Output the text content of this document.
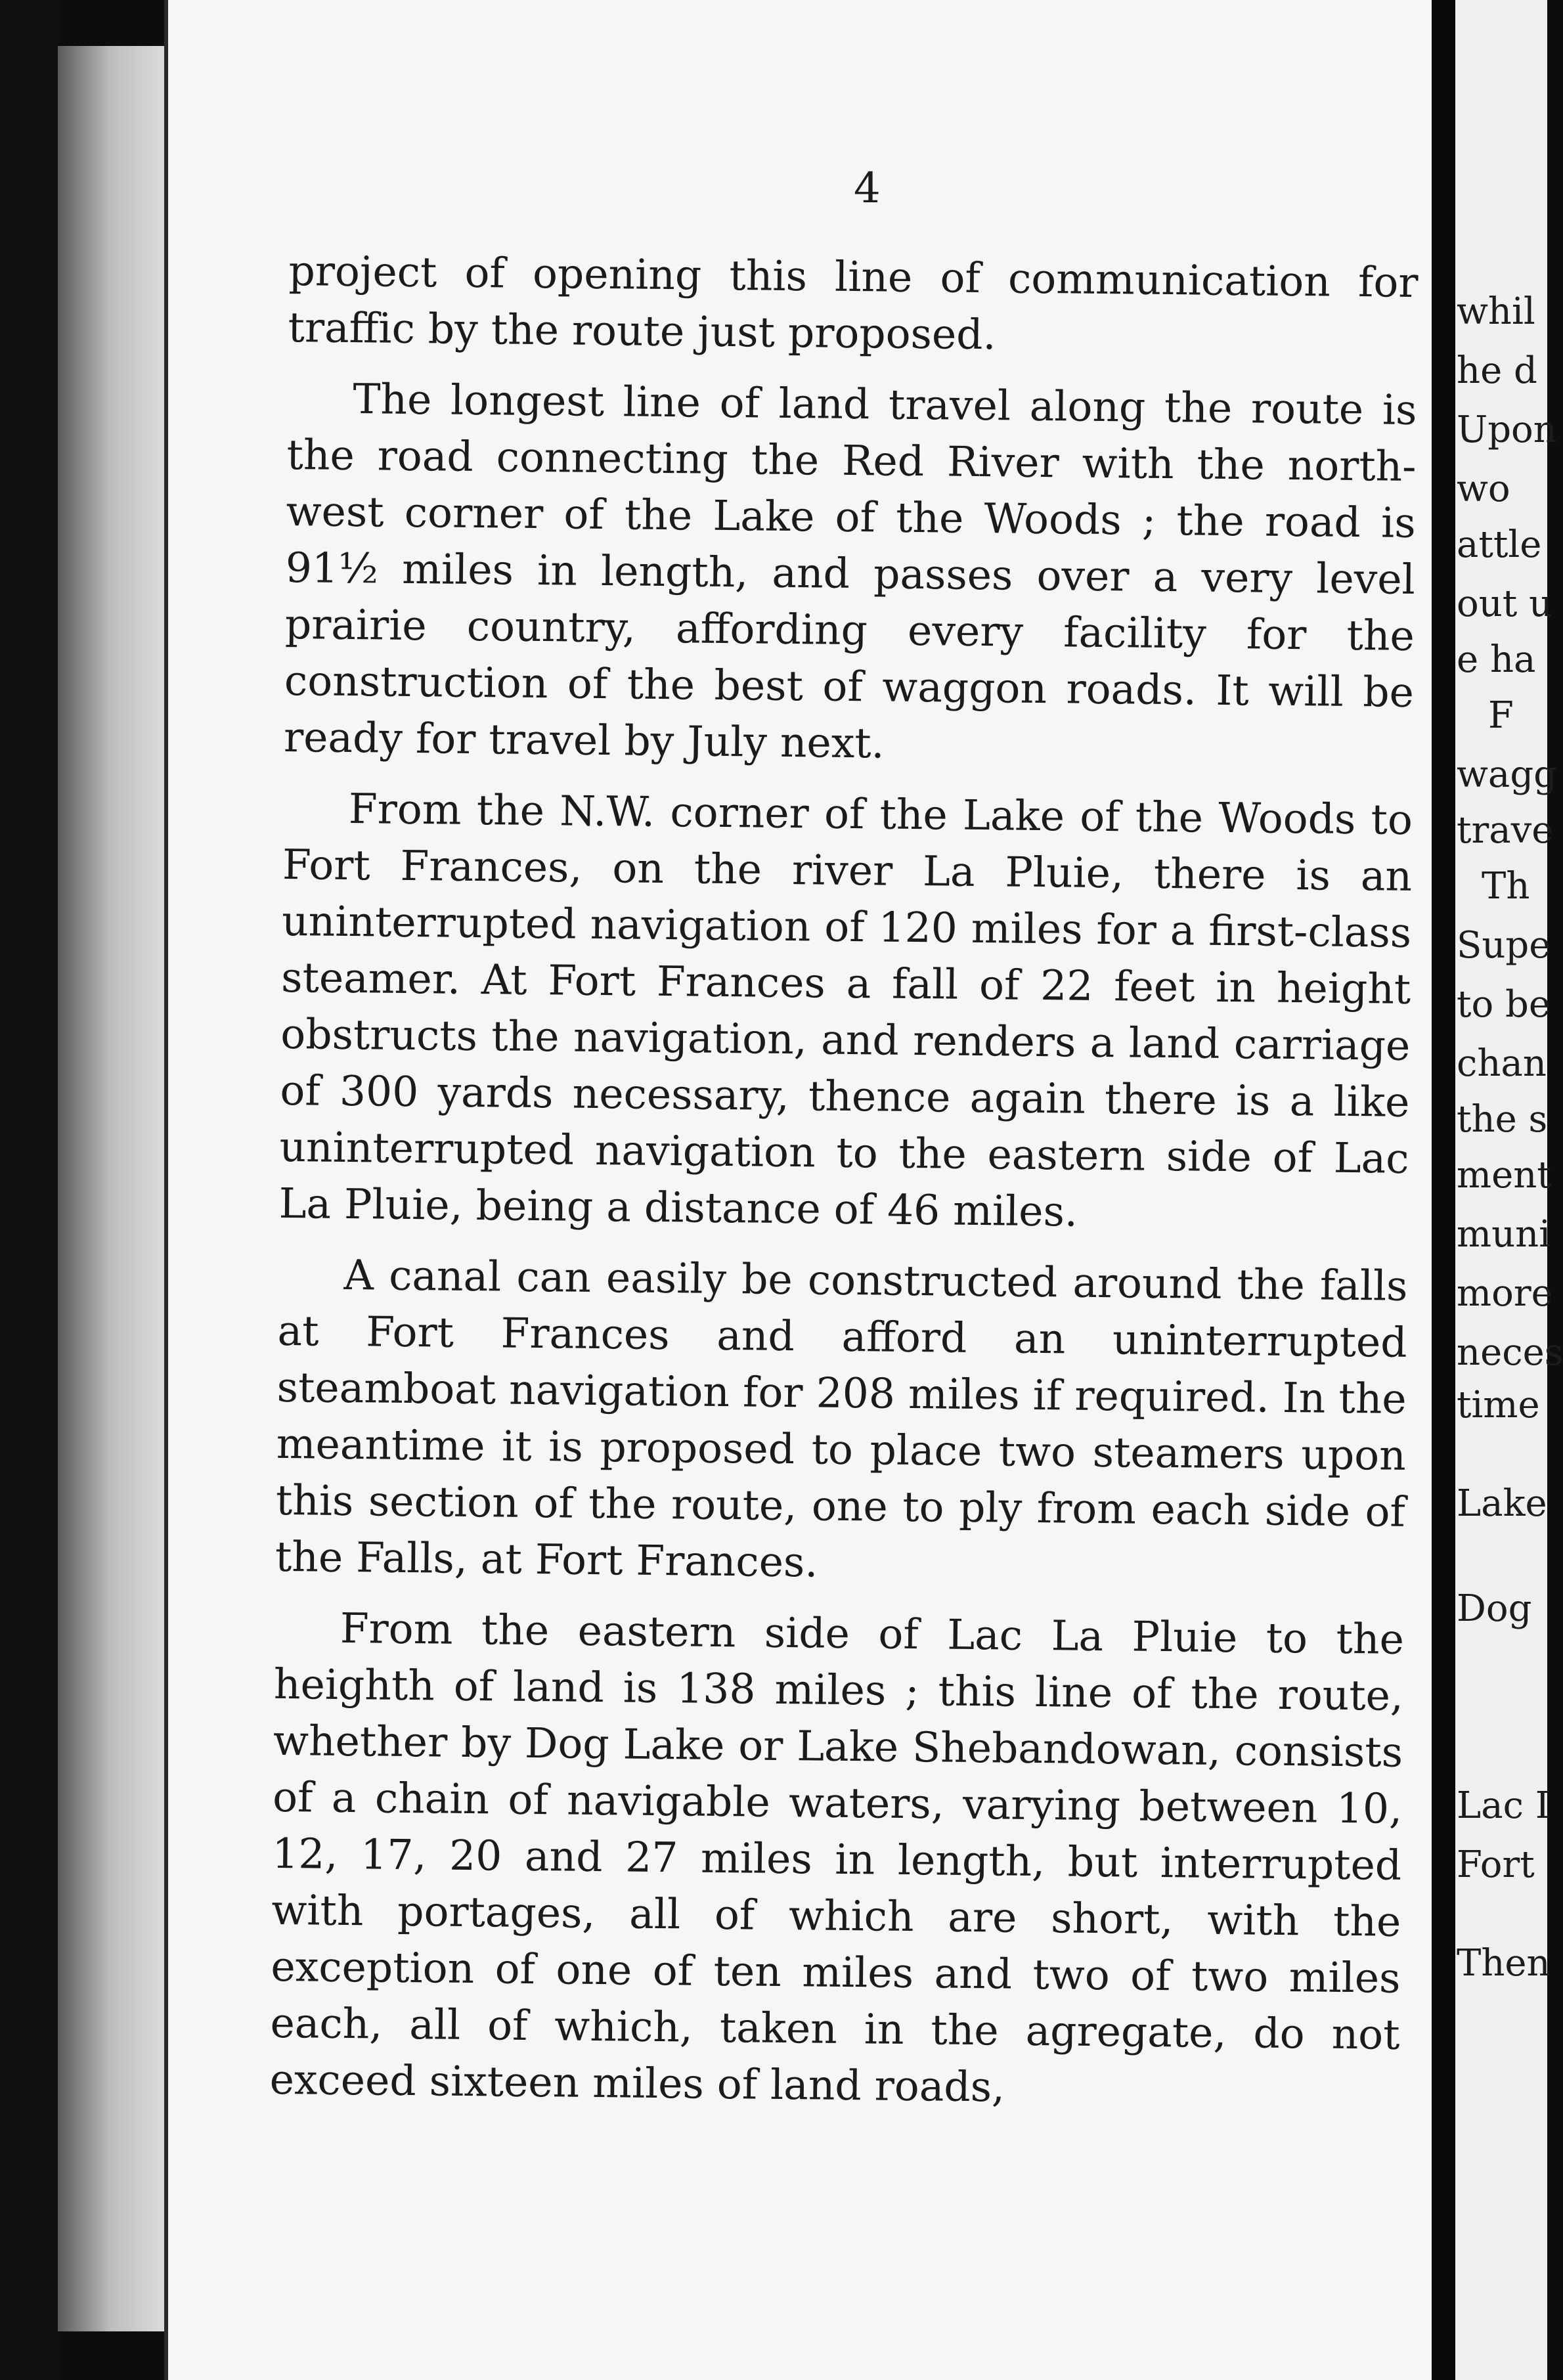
4

project of opening this line of communication for traffic by the route just proposed.

The longest line of land travel along the route is the road connecting the Red River with the north-west corner of the Lake of the Woods ; the road is 91½ miles in length, and passes over a very level prairie country, affording every facility for the construction of the best of waggon roads. It will be ready for travel by July next.

From the N.W. corner of the Lake of the Woods to Fort Frances, on the river La Pluie, there is an uninterrupted navigation of 120 miles for a first-class steamer. At Fort Frances a fall of 22 feet in height obstructs the navigation, and renders a land carriage of 300 yards necessary, thence again there is a like uninterrupted navigation to the eastern side of Lac La Pluie, being a distance of 46 miles.

A canal can easily be constructed around the falls at Fort Frances and afford an uninterrupted steamboat navigation for 208 miles if required. In the meantime it is proposed to place two steamers upon this section of the route, one to ply from each side of the Falls, at Fort Frances.

From the eastern side of Lac La Pluie to the heighth of land is 138 miles ; this line of the route, whether by Dog Lake or Lake Shebandowan, consists of a chain of navigable waters, varying between 10, 12, 17, 20 and 27 miles in length, but interrupted with portages, all of which are short, with the exception of one of ten miles and two of two miles each, all of which, taken in the agregate, do not exceed sixteen miles of land roads,

whil
he d
Upon
wo
attle
out u
e ha
F
wagg
trave
Th
Supe
to be
chan
the s
ment
muni
more
neces
time
Lake
Dog
Lac I
Fort
Then
